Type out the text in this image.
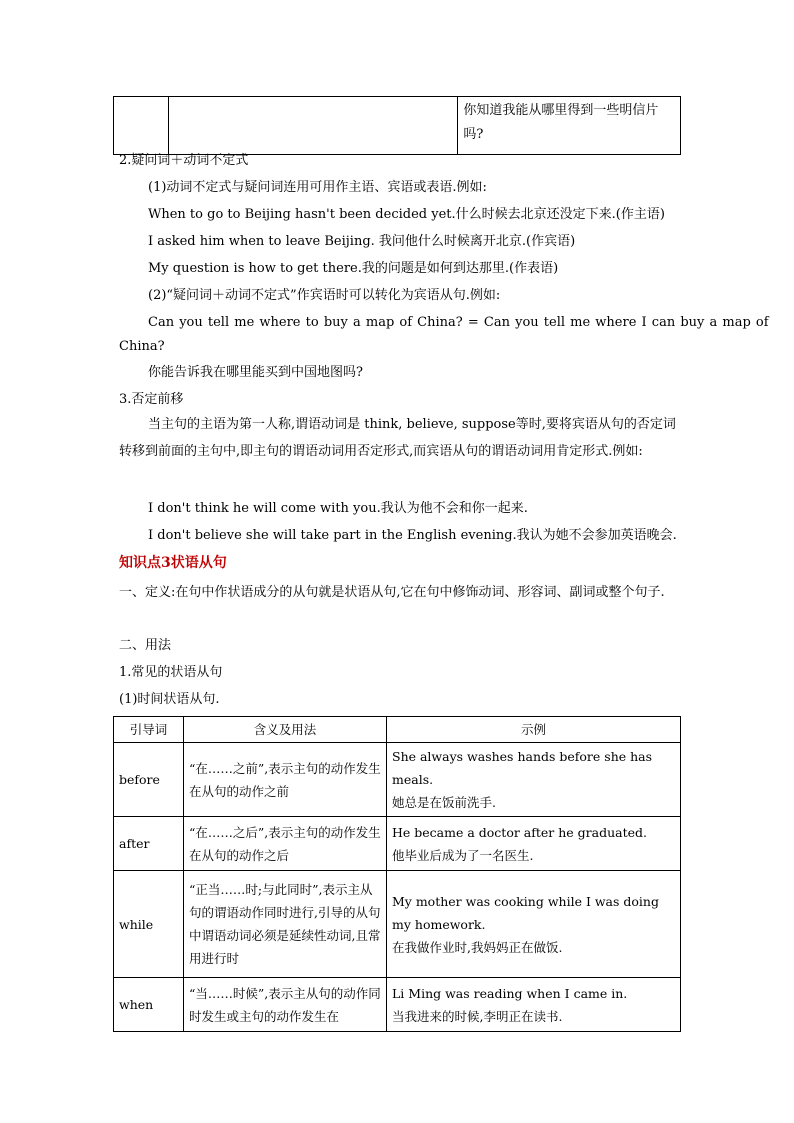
		你知道我能从哪里得到一些明信片吗?
2.疑问词＋动词不定式
(1)动词不定式与疑问词连用可用作主语、宾语或表语.例如:
When to go to Beijing hasn't been decided yet.什么时候去北京还没定下来.(作主语)
I asked him when to leave Beijing. 我问他什么时候离开北京.(作宾语)
My question is how to get there.我的问题是如何到达那里.(作表语)
(2)“疑问词＋动词不定式”作宾语时可以转化为宾语从句.例如:
Can you tell me where to buy a map of China? = Can you tell me where I can buy a map of
China?
你能告诉我在哪里能买到中国地图吗?
3.否定前移
当主句的主语为第一人称,谓语动词是 think, believe, suppose等时,要将宾语从句的否定词转移到前面的主句中,即主句的谓语动词用否定形式,而宾语从句的谓语动词用肯定形式.例如:
I don't think he will come with you.我认为他不会和你一起来.
I don't believe she will take part in the English evening.我认为她不会参加英语晚会.
知识点3状语从句
一、定义:在句中作状语成分的从句就是状语从句,它在句中修饰动词、形容词、副词或整个句子.
二、用法
1.常见的状语从句
(1)时间状语从句.
引导词	含义及用法	示例
before	“在……之前”,表示主句的动作发生在从句的动作之前	She always washes hands before she has meals.
她总是在饭前洗手.

after	“在……之后”,表示主句的动作发生在从句的动作之后	He became a doctor after he graduated.
他毕业后成为了一名医生.

while	“正当……时;与此同时”,表示主从句的谓语动作同时进行,引导的从句中谓语动词必须是延续性动词,且常用进行时	My mother was cooking while I was doing my homework.
在我做作业时,我妈妈正在做饭.

when	“当……时候”,表示主从句的动作同时发生或主句的动作发生在	Li Ming was reading when I came in.
当我进来的时候,李明正在读书.
